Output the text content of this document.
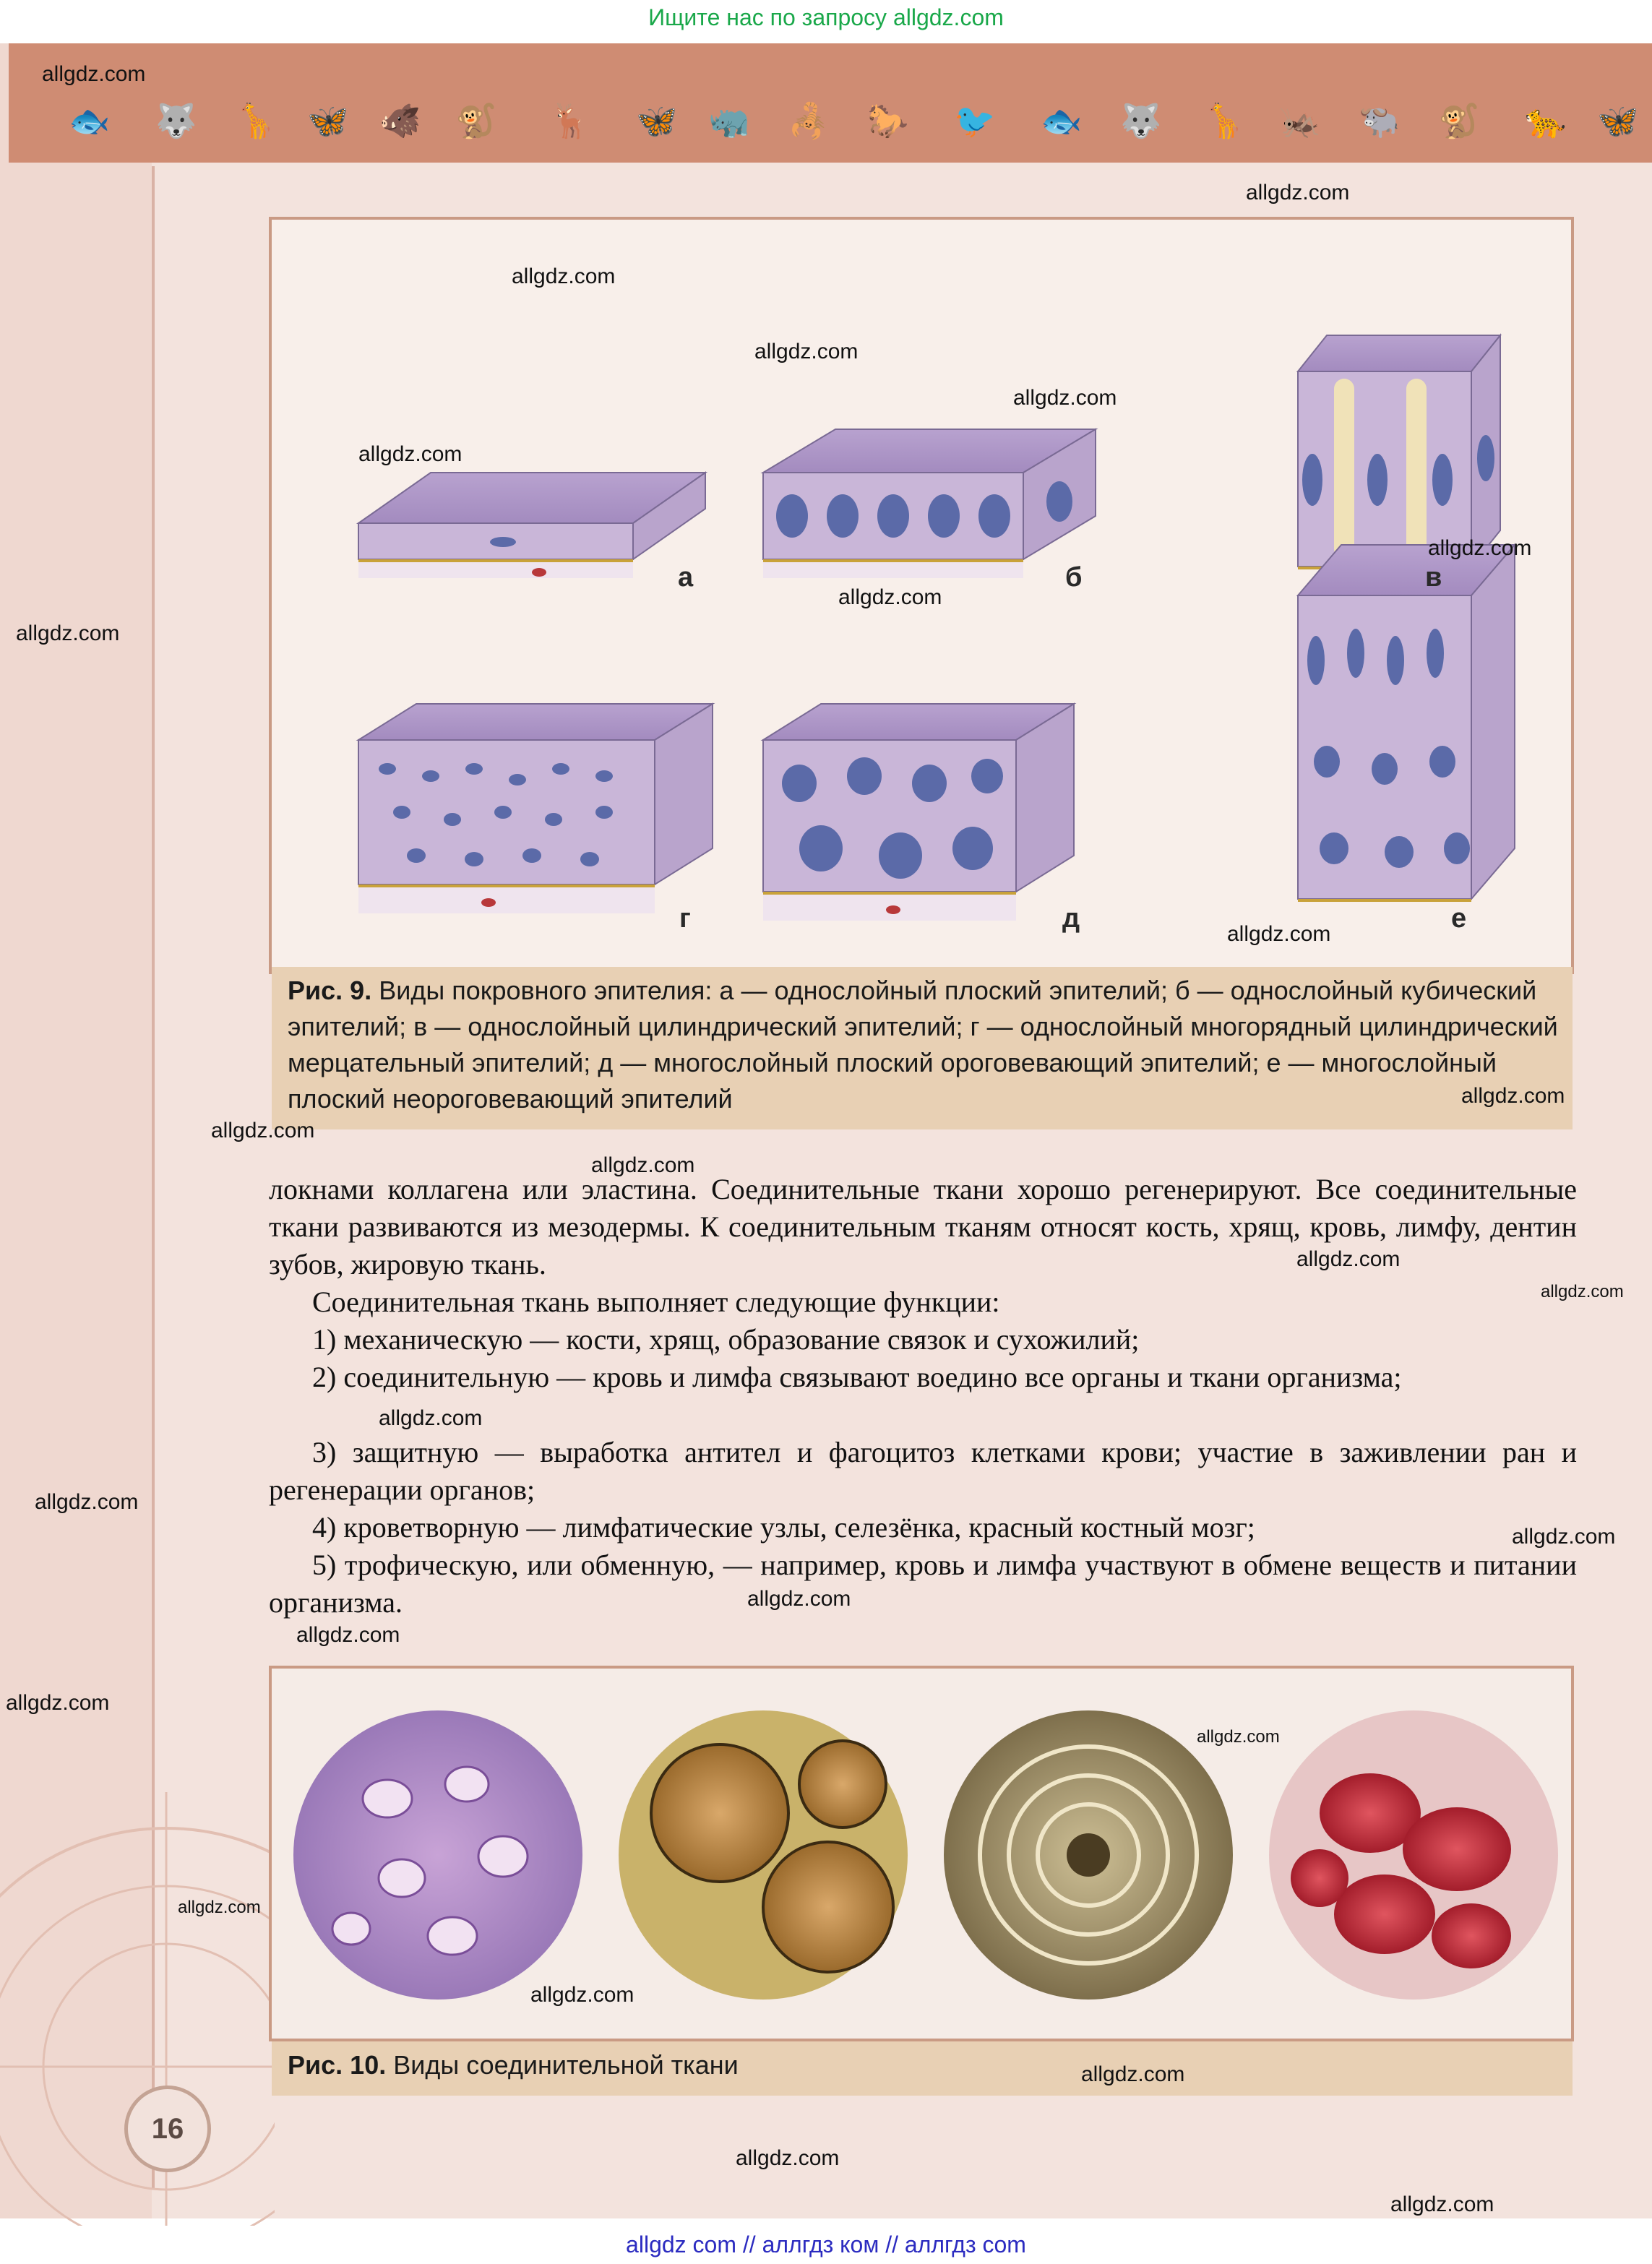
Ищите нас по запросу allgdz.com
🐟 🐺 🦒 🦋 🐗 🐒 🦌 🦋 🦏 🦂 🐎 🐦 🐟 🐺 🦒 🦗 🐃 🐒 🐆 🦋
а	б	в
г	д	е
Рис. 9. Виды покровного эпителия: а — однослойный плоский эпителий; б — однослойный кубический эпителий; в — однослойный цилиндрический эпителий; г — однослойный многорядный цилиндрический мерцательный эпителий; д — многослойный плоский ороговевающий эпителий; е — многослойный плоский неороговевающий эпителий
локнами коллагена или эластина. Соединительные ткани хорошо регенерируют. Все соединительные ткани развиваются из мезодермы. К соединительным тканям относят кость, хрящ, кровь, лимфу, дентин зубов, жировую ткань.
Соединительная ткань выполняет следующие функции:
1) механическую — кости, хрящ, образование связок и сухожилий;
2) соединительную — кровь и лимфа связывают воедино все органы и ткани организма;
3) защитную — выработка антител и фагоцитоз клетками крови; участие в заживлении ран и регенерации органов;
4) кроветворную — лимфатические узлы, селезёнка, красный костный мозг;
5) трофическую, или обменную, — например, кровь и лимфа участвуют в обмене веществ и питании организма.
Рис. 10. Виды соединительной ткани
16
allgdz.com
allgdz.com
allgdz.com
allgdz.com
allgdz.com
allgdz.com
allgdz.com
allgdz.com
allgdz.com
allgdz.com
allgdz.com
allgdz.com
allgdz.com
allgdz.com
allgdz.com
allgdz.com
allgdz.com
allgdz.com
allgdz.com
allgdz.com
allgdz.com
allgdz.com
allgdz.com
allgdz.com
allgdz.com
allgdz.com
allgdz.com
allgdz com // аллгдз ком // аллгдз com
